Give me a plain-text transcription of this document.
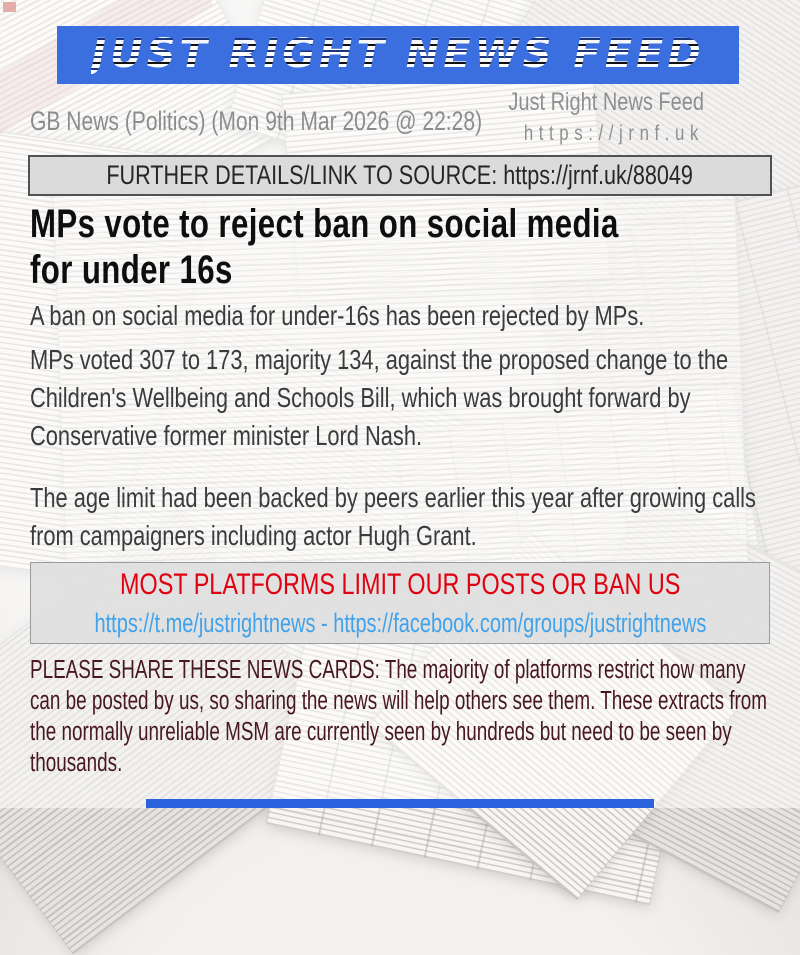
JUST RIGHT NEWS FEED
GB News (Politics) (Mon 9th Mar 2026 @ 22:28)
Just Right News Feed
https://jrnf.uk
FURTHER DETAILS/LINK TO SOURCE: https://jrnf.uk/88049
MPs vote to reject ban on social media
for under 16s
A ban on social media for under-16s has been rejected by MPs.
MPs voted 307 to 173, majority 134, against the proposed change to the Children's Wellbeing and Schools Bill, which was brought forward by Conservative former minister Lord Nash.
The age limit had been backed by peers earlier this year after growing calls from campaigners including actor Hugh Grant.
MOST PLATFORMS LIMIT OUR POSTS OR BAN US
https://t.me/justrightnews - https://facebook.com/groups/justrightnews
PLEASE SHARE THESE NEWS CARDS: The majority of platforms restrict how many can be posted by us, so sharing the news will help others see them. These extracts from the normally unreliable MSM are currently seen by hundreds but need to be seen by thousands.
